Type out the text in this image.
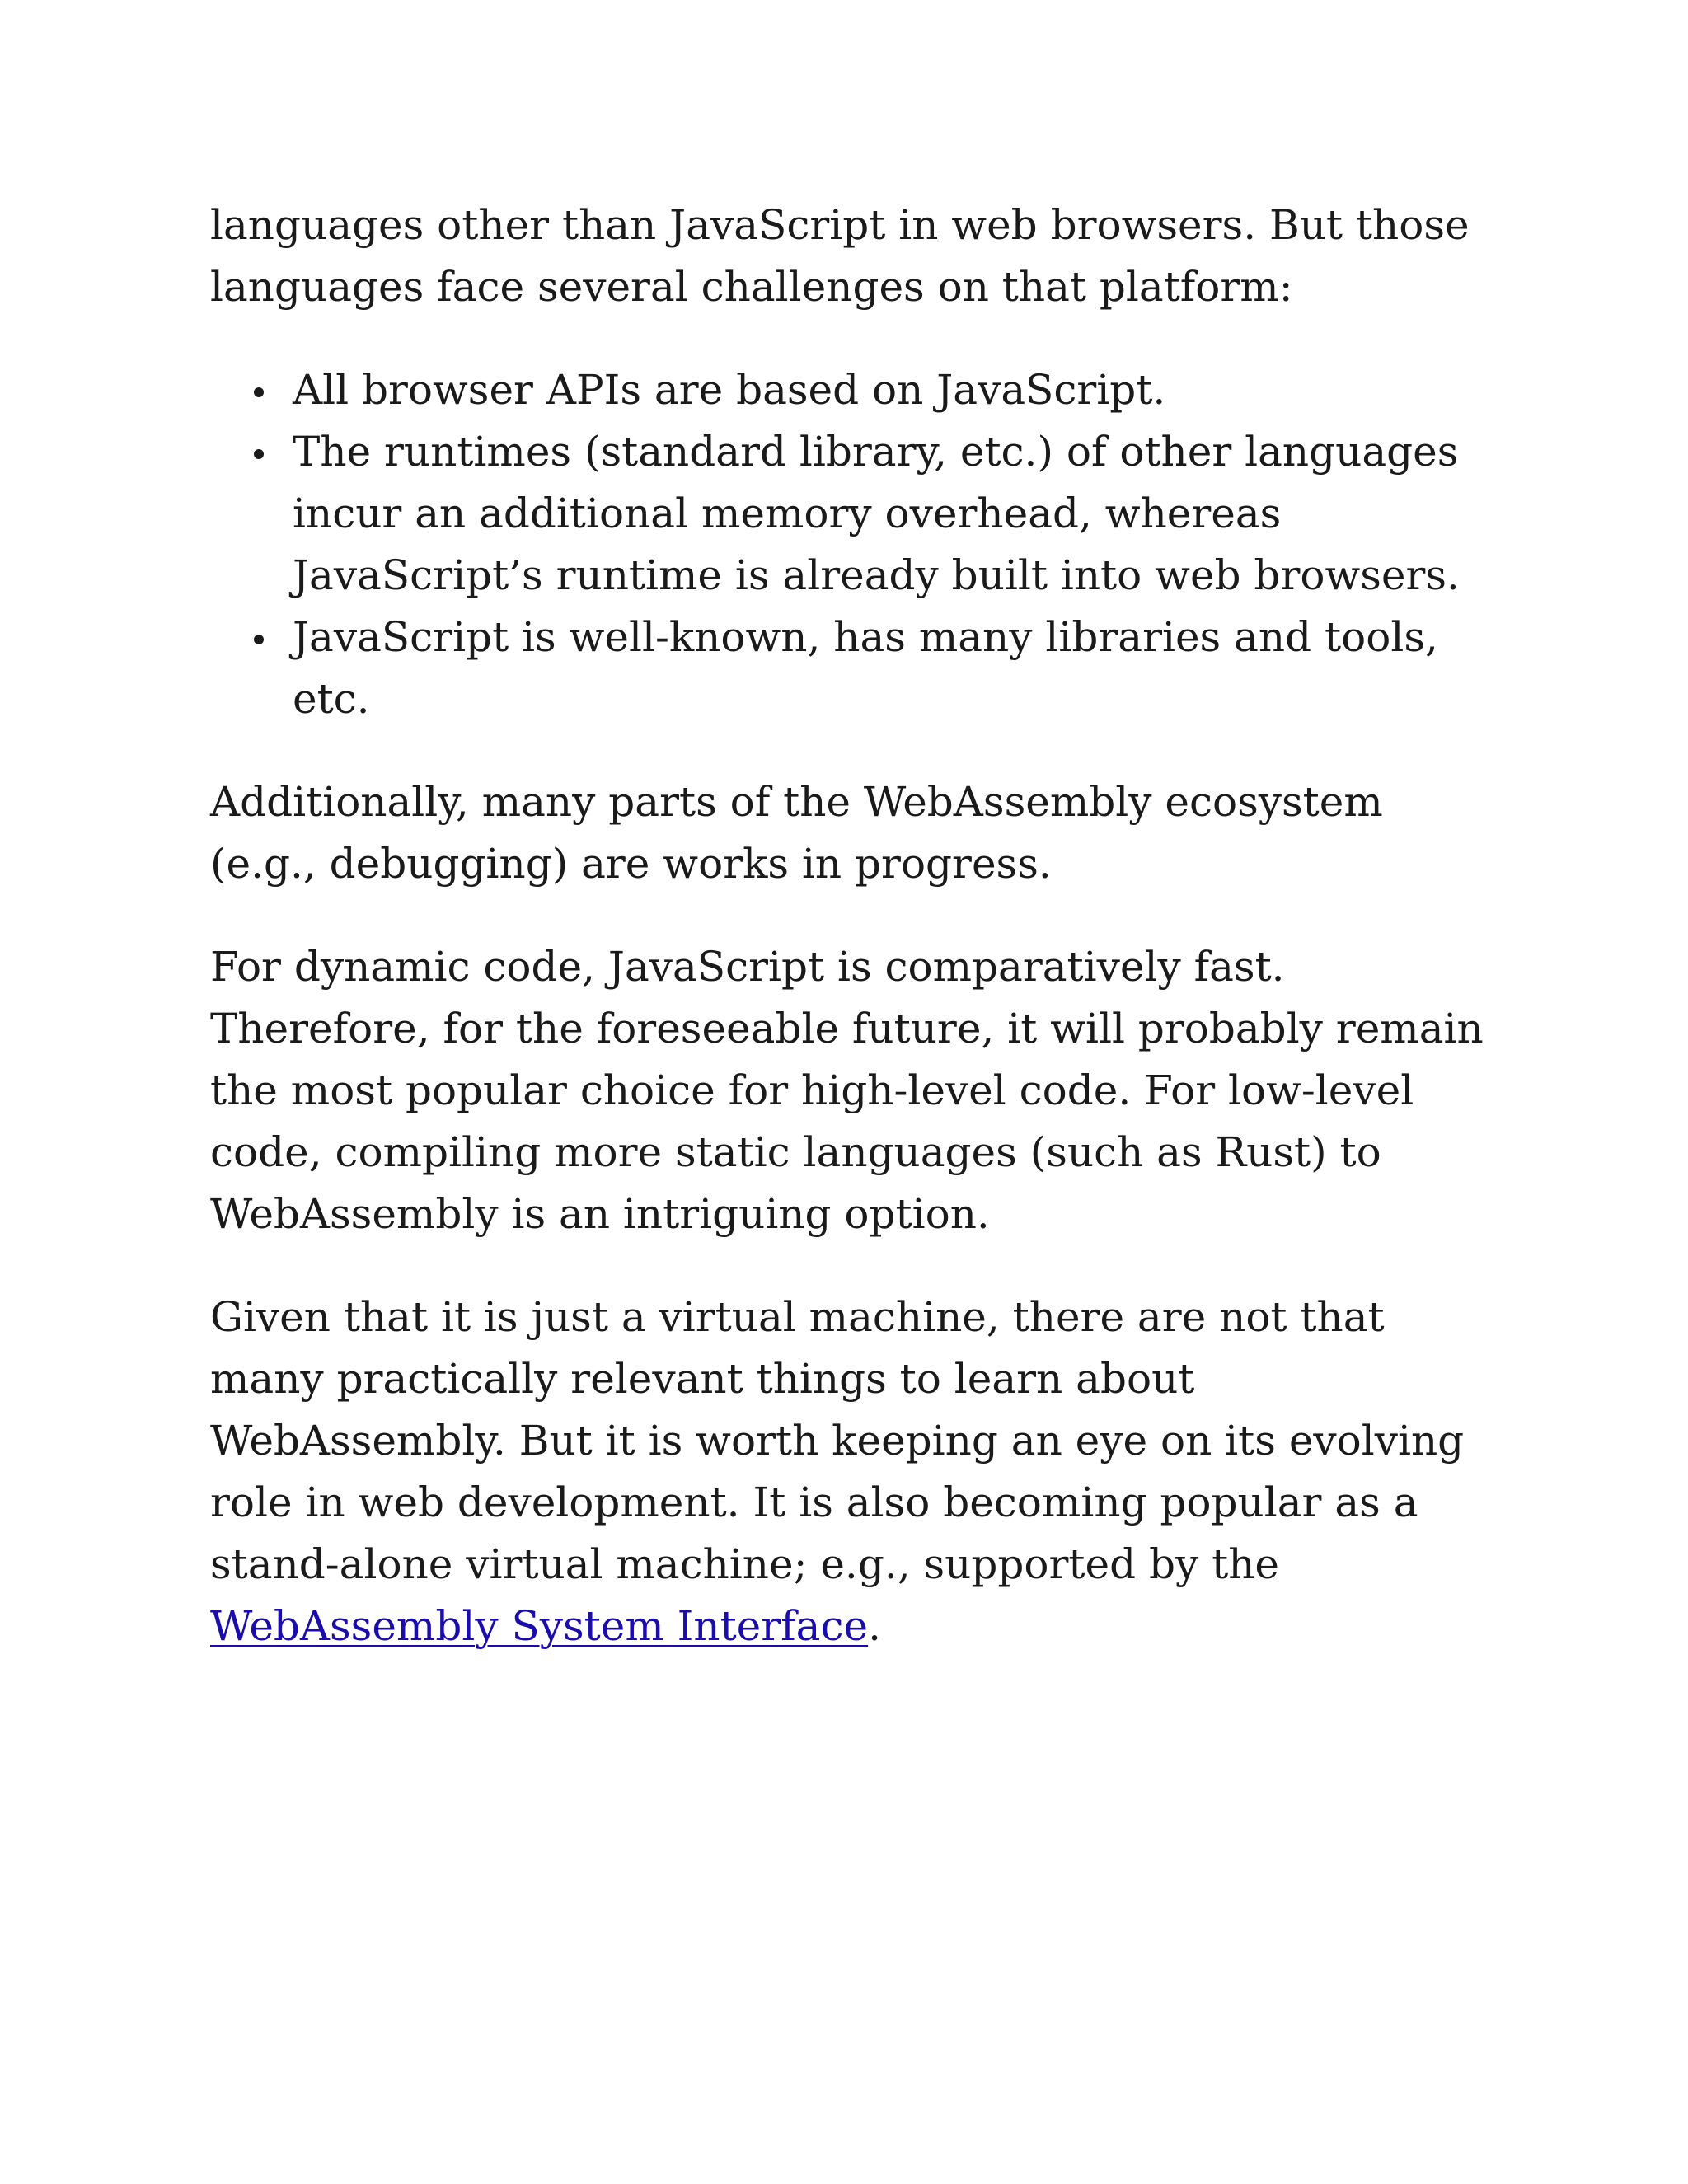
languages other than JavaScript in web browsers. But those languages face several challenges on that platform:

All browser APIs are based on JavaScript.
The runtimes (standard library, etc.) of other languages incur an additional memory overhead, whereas JavaScript’s runtime is already built into web browsers.
JavaScript is well-known, has many libraries and tools, etc.

Additionally, many parts of the WebAssembly ecosystem (e.g., debugging) are works in progress.

For dynamic code, JavaScript is comparatively fast. Therefore, for the foreseeable future, it will probably remain the most popular choice for high-level code. For low-level code, compiling more static languages (such as Rust) to WebAssembly is an intriguing option.

Given that it is just a virtual machine, there are not that many practically relevant things to learn about WebAssembly. But it is worth keeping an eye on its evolving role in web development. It is also becoming popular as a stand-alone virtual machine; e.g., supported by the WebAssembly System Interface.
